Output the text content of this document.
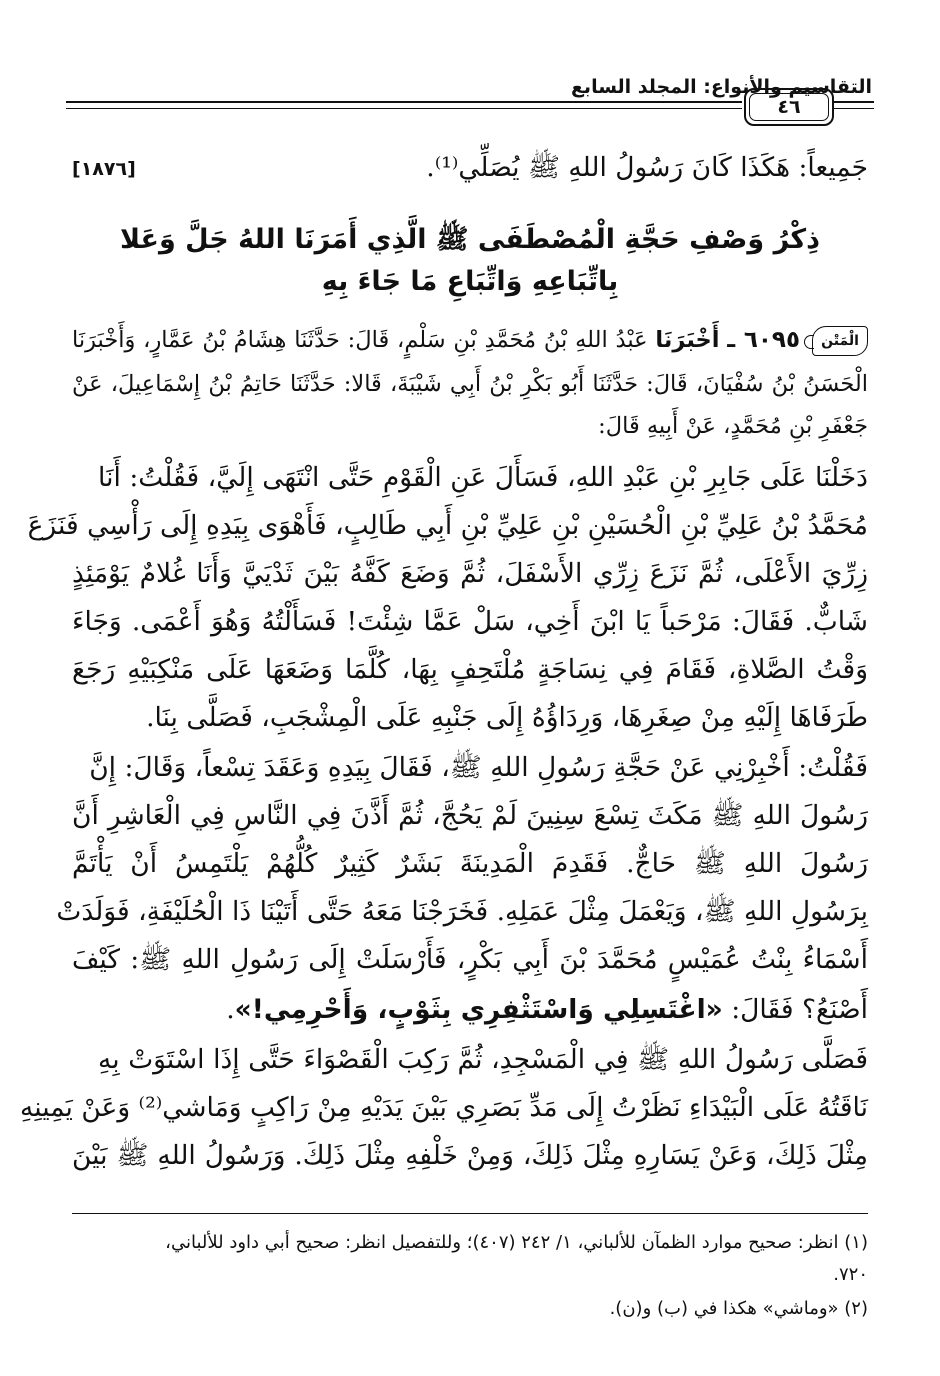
التقاسيم والأنواع: المجلد السابع
٤٦
جَمِيعاً: هَكَذَا كَانَ رَسُولُ اللهِ ﷺ يُصَلِّي⁽¹⁾.
[١٨٧٦]
ذِكْرُ وَصْفِ حَجَّةِ الْمُصْطَفَى ﷺ الَّذِي أَمَرَنَا اللهُ جَلَّ وَعَلا
بِاتِّبَاعِهِ وَاتِّبَاعِ مَا جَاءَ بِهِ
الْمَتْن
٦٠٩٥ ـ أَخْبَرَنَا عَبْدُ اللهِ بْنُ مُحَمَّدِ بْنِ سَلْمٍ، قَالَ: حَدَّثَنَا هِشَامُ بْنُ عَمَّارٍ، وَأَخْبَرَنَا
الْحَسَنُ بْنُ سُفْيَانَ، قَالَ: حَدَّثَنَا أَبُو بَكْرِ بْنُ أَبِي شَيْبَةَ، قَالا: حَدَّثَنَا حَاتِمُ بْنُ إِسْمَاعِيلَ، عَنْ
جَعْفَرِ بْنِ مُحَمَّدٍ، عَنْ أَبِيهِ قَالَ:
دَخَلْنَا عَلَى جَابِرِ بْنِ عَبْدِ اللهِ، فَسَأَلَ عَنِ الْقَوْمِ حَتَّى انْتَهَى إِلَيَّ، فَقُلْتُ: أَنَا
مُحَمَّدُ بْنُ عَلِيِّ بْنِ الْحُسَيْنِ بْنِ عَلِيِّ بْنِ أَبِي طَالِبٍ، فَأَهْوَى بِيَدِهِ إِلَى رَأْسِي فَنَزَعَ
زِرِّيَ الأَعْلَى، ثُمَّ نَزَعَ زِرِّي الأَسْفَلَ، ثُمَّ وَضَعَ كَفَّهُ بَيْنَ ثَدْيَيَّ وَأَنَا غُلامٌ يَوْمَئِذٍ
شَابٌّ. فَقَالَ: مَرْحَباً يَا ابْنَ أَخِي، سَلْ عَمَّا شِئْتَ! فَسَأَلْتُهُ وَهُوَ أَعْمَى. وَجَاءَ
وَقْتُ الصَّلاةِ، فَقَامَ فِي نِسَاجَةٍ مُلْتَحِفٍ بِهَا، كُلَّمَا وَضَعَهَا عَلَى مَنْكِبَيْهِ رَجَعَ
طَرَفَاهَا إِلَيْهِ مِنْ صِغَرِهَا، وَرِدَاؤُهُ إِلَى جَنْبِهِ عَلَى الْمِشْجَبِ، فَصَلَّى بِنَا.
فَقُلْتُ: أَخْبِرْنِي عَنْ حَجَّةِ رَسُولِ اللهِ ﷺ، فَقَالَ بِيَدِهِ وَعَقَدَ تِسْعاً، وَقَالَ: إِنَّ
رَسُولَ اللهِ ﷺ مَكَثَ تِسْعَ سِنِينَ لَمْ يَحُجَّ، ثُمَّ أَذَّنَ فِي النَّاسِ فِي الْعَاشِرِ أَنَّ
رَسُولَ اللهِ ﷺ حَاجٌّ. فَقَدِمَ الْمَدِينَةَ بَشَرٌ كَثِيرٌ كُلُّهُمْ يَلْتَمِسُ أَنْ يَأْتَمَّ
بِرَسُولِ اللهِ ﷺ، وَيَعْمَلَ مِثْلَ عَمَلِهِ. فَخَرَجْنَا مَعَهُ حَتَّى أَتَيْنَا ذَا الْحُلَيْفَةِ، فَوَلَدَتْ
أَسْمَاءُ بِنْتُ عُمَيْسٍ مُحَمَّدَ بْنَ أَبِي بَكْرٍ، فَأَرْسَلَتْ إِلَى رَسُولِ اللهِ ﷺ: كَيْفَ
أَصْنَعُ؟ فَقَالَ: «اغْتَسِلِي وَاسْتَثْفِرِي بِثَوْبٍ، وَأَحْرِمِي!».
فَصَلَّى رَسُولُ اللهِ ﷺ فِي الْمَسْجِدِ، ثُمَّ رَكِبَ الْقَصْوَاءَ حَتَّى إِذَا اسْتَوَتْ بِهِ
نَاقَتُهُ عَلَى الْبَيْدَاءِ نَظَرْتُ إِلَى مَدِّ بَصَرِي بَيْنَ يَدَيْهِ مِنْ رَاكِبٍ وَمَاشي⁽²⁾ وَعَنْ يَمِينِهِ
مِثْلَ ذَلِكَ، وَعَنْ يَسَارِهِ مِثْلَ ذَلِكَ، وَمِنْ خَلْفِهِ مِثْلَ ذَلِكَ. وَرَسُولُ اللهِ ﷺ بَيْنَ
(١) انظر: صحيح موارد الظمآن للألباني، ١/ ٢٤٢ (٤٠٧)؛ وللتفصيل انظر: صحيح أبي داود للألباني،
٧٢٠.
(٢) «وماشي» هكذا في (ب) و(ن).
